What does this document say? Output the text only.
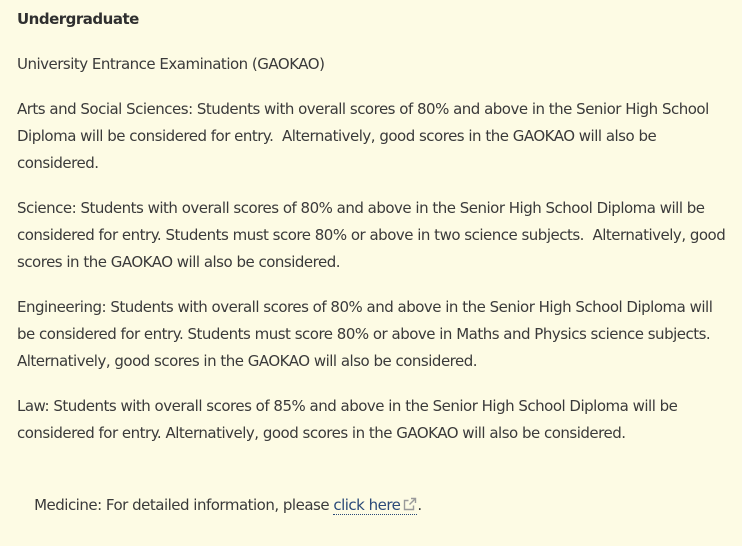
Undergraduate
University Entrance Examination (GAOKAO)
Arts and Social Sciences: Students with overall scores of 80% and above in the Senior High School Diploma will be considered for entry.  Alternatively, good scores in the GAOKAO will also be considered.
Science: Students with overall scores of 80% and above in the Senior High School Diploma will be considered for entry. Students must score 80% or above in two science subjects.  Alternatively, good scores in the GAOKAO will also be considered.
Engineering: Students with overall scores of 80% and above in the Senior High School Diploma will be considered for entry. Students must score 80% or above in Maths and Physics science subjects.   Alternatively, good scores in the GAOKAO will also be considered.
Law: Students with overall scores of 85% and above in the Senior High School Diploma will be considered for entry. Alternatively, good scores in the GAOKAO will also be considered.

Medicine: For detailed information, please click here .
